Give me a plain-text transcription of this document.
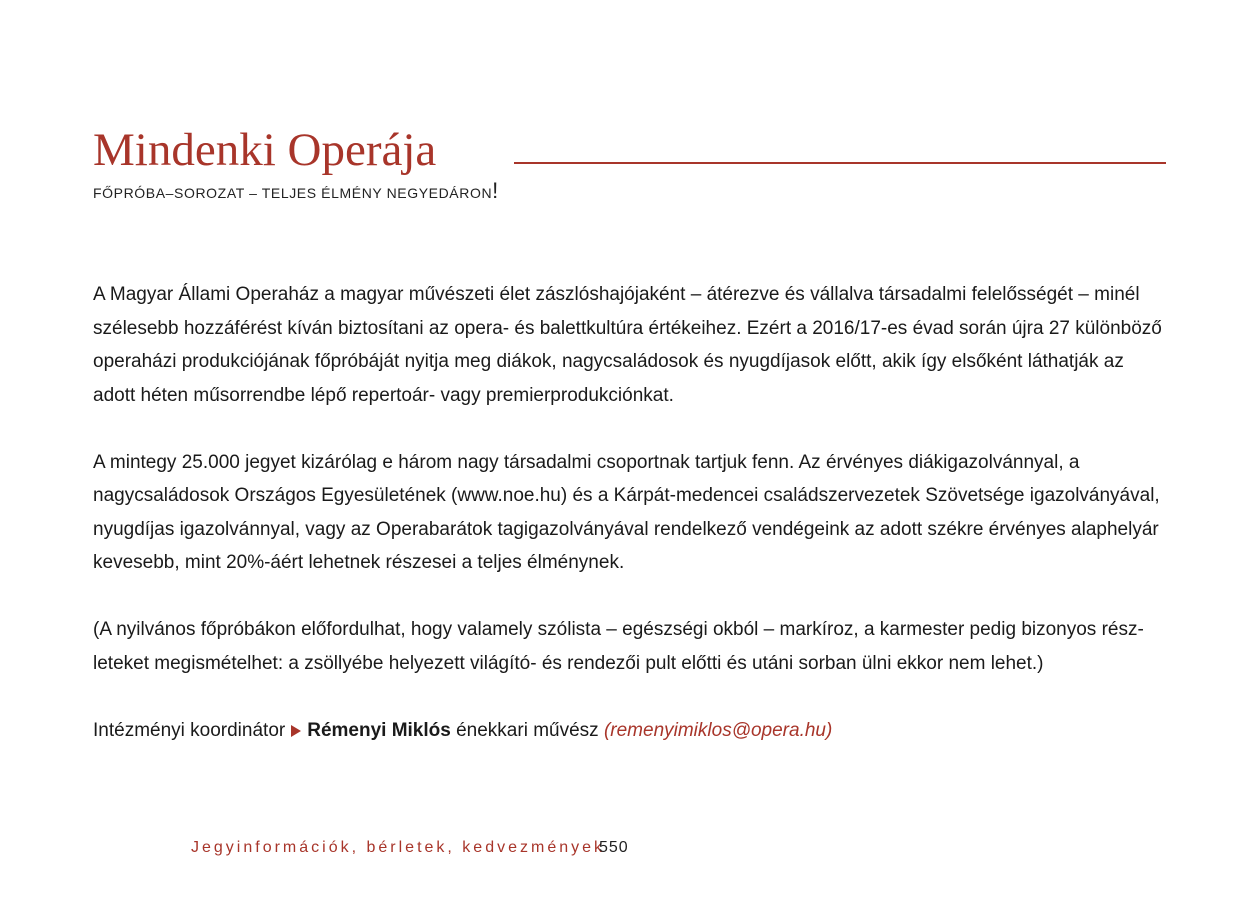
Mindenki Operája
FŐPRÓBA–SOROZAT – TELJES ÉLMÉNY NEGYEDÁRON!

A Magyar Állami Operaház a magyar művészeti élet zászlóshajójaként – átérezve és vállalva társadalmi felelősségét – minél
szélesebb hozzáférést kíván biztosítani az opera- és balettkultúra értékeihez. Ezért a 2016/17-es évad során újra 27 különböző
operaházi produkciójának főpróbáját nyitja meg diákok, nagycsaládosok és nyugdíjasok előtt, akik így elsőként láthatják az
adott héten műsorrendbe lépő repertoár- vagy premierprodukciónkat.

A mintegy 25.000 jegyet kizárólag e három nagy társadalmi csoportnak tartjuk fenn. Az érvényes diákigazolvánnyal, a
nagycsaládosok Országos Egyesületének (www.noe.hu) és a Kárpát-medencei családszervezetek Szövetsége igazolványával,
nyugdíjas igazolvánnyal, vagy az Operabarátok tagigazolványával rendelkező vendégeink az adott székre érvényes alaphelyár
kevesebb, mint 20%-áért lehetnek részesei a teljes élménynek.

(A nyilvános főpróbákon előfordulhat, hogy valamely szólista – egészségi okból – markíroz, a karmester pedig bizonyos rész-
leteket megismételhet: a zsöllyébe helyezett világító- és rendezői pult előtti és utáni sorban ülni ekkor nem lehet.)

Intézményi koordinátor Rémenyi Miklós énekkari művész (remenyimiklos@opera.hu)

Jegyinformációk, bérletek, kedvezmények
550
